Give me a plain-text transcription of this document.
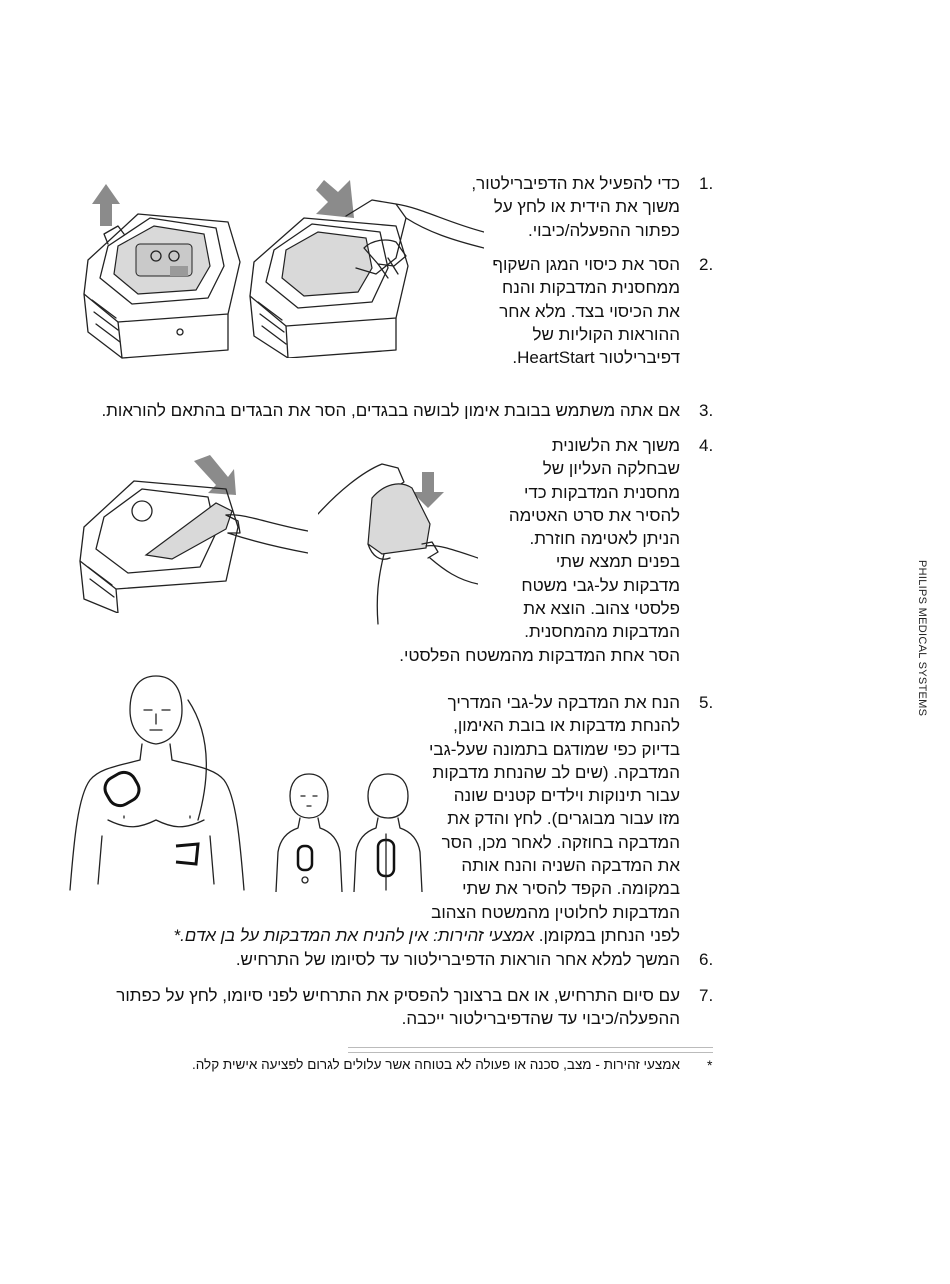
PHILIPS MEDICAL SYSTEMS
1.
כדי להפעיל את הדפיברילטור,
משוך את הידית או לחץ על
כפתור ההפעלה/כיבוי.
2.
הסר את כיסוי המגן השקוף
ממחסנית המדבקות והנח
את הכיסוי בצד. מלא אחר
ההוראות הקוליות של
דפיברילטור HeartStart.
3.
אם אתה משתמש בבובת אימון לבושה בבגדים, הסר את הבגדים בהתאם להוראות.
4.
משוך את הלשונית
שבחלקה העליון של
מחסנית המדבקות כדי
להסיר את סרט האטימה
הניתן לאטימה חוזרת.
בפנים תמצא שתי
מדבקות על-גבי משטח
פלסטי צהוב. הוצא את
המדבקות מהמחסנית.
הסר אחת המדבקות מהמשטח הפלסטי.
5.
הנח את המדבקה על-גבי המדריך
להנחת מדבקות או בובת האימון,
בדיוק כפי שמודגם בתמונה שעל-גבי
המדבקה. (שים לב שהנחת מדבקות
עבור תינוקות וילדים קטנים שונה
מזו עבור מבוגרים). לחץ והדק את
המדבקה בחוזקה. לאחר מכן, הסר
את המדבקה השניה והנח אותה
במקומה. הקפד להסיר את שתי
המדבקות לחלוטין מהמשטח הצהוב
לפני הנחתן במקומן. אמצעי זהירות: אין להניח את המדבקות על בן אדם.*
6.
המשך למלא אחר הוראות הדפיברילטור עד לסיומו של התרחיש.
7.
עם סיום התרחיש, או אם ברצונך להפסיק את התרחיש לפני סיומו, לחץ על כפתור
ההפעלה/כיבוי עד שהדפיברילטור ייכבה.
*
אמצעי זהירות - מצב, סכנה או פעולה לא בטוחה אשר עלולים לגרום לפציעה אישית קלה.
